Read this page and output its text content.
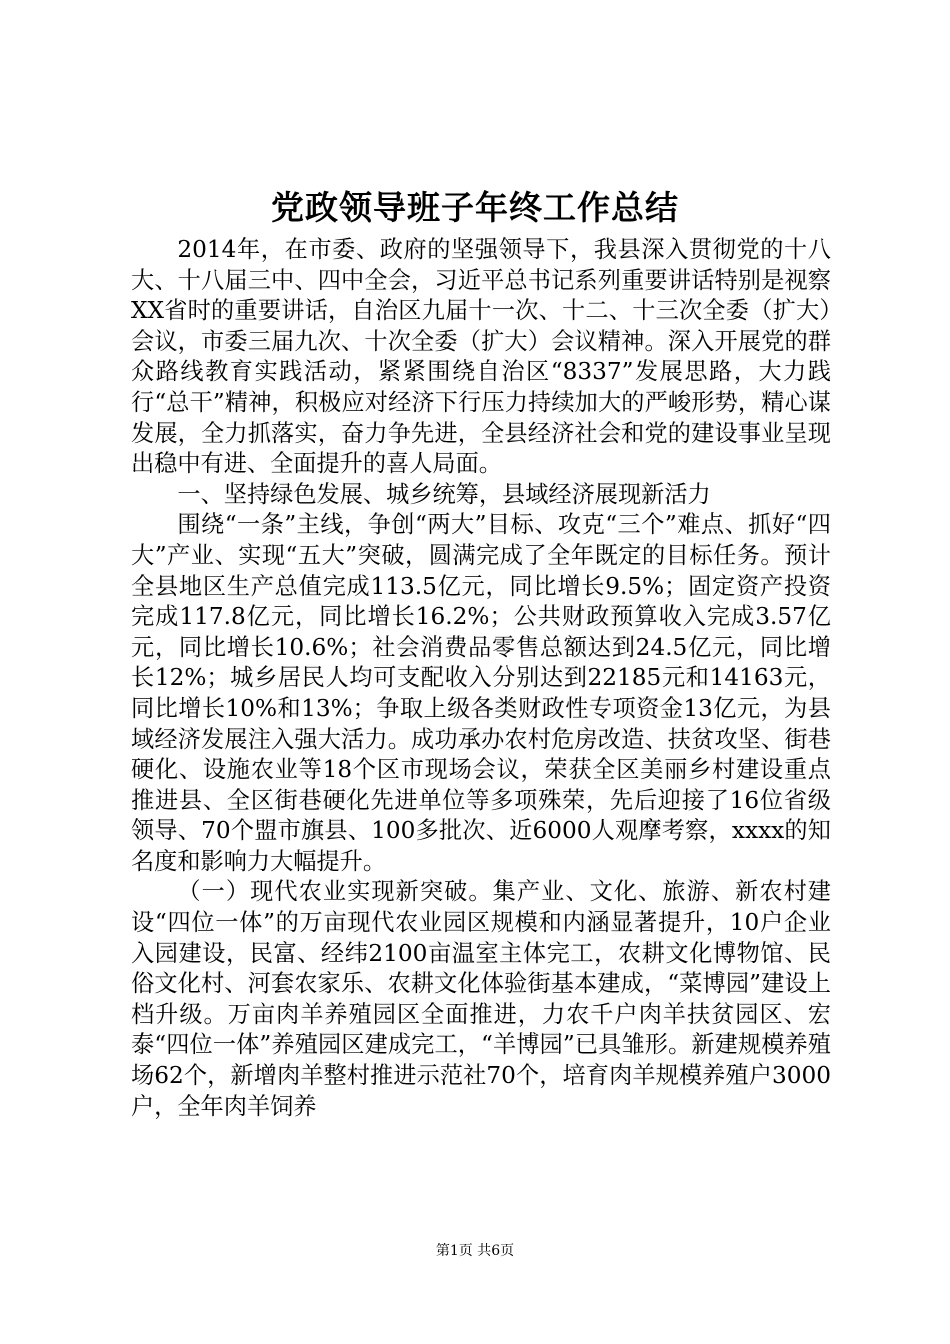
党政领导班子年终工作总结

2014年，在市委、政府的坚强领导下，我县深入贯彻党的十八大、十八届三中、四中全会，习近平总书记系列重要讲话特别是视察XX省时的重要讲话，自治区九届十一次、十二、十三次全委（扩大）会议，市委三届九次、十次全委（扩大）会议精神。深入开展党的群众路线教育实践活动，紧紧围绕自治区“8337”发展思路，大力践行“总干”精神，积极应对经济下行压力持续加大的严峻形势，精心谋发展，全力抓落实，奋力争先进，全县经济社会和党的建设事业呈现出稳中有进、全面提升的喜人局面。

一、坚持绿色发展、城乡统筹，县域经济展现新活力

围绕“一条”主线，争创“两大”目标、攻克“三个”难点、抓好“四大”产业、实现“五大”突破，圆满完成了全年既定的目标任务。预计全县地区生产总值完成113.5亿元，同比增长9.5%；固定资产投资完成117.8亿元，同比增长16.2%；公共财政预算收入完成3.57亿元，同比增长10.6%；社会消费品零售总额达到24.5亿元，同比增长12%；城乡居民人均可支配收入分别达到22185元和14163元，同比增长10%和13%；争取上级各类财政性专项资金13亿元，为县域经济发展注入强大活力。成功承办农村危房改造、扶贫攻坚、街巷硬化、设施农业等18个区市现场会议，荣获全区美丽乡村建设重点推进县、全区街巷硬化先进单位等多项殊荣，先后迎接了16位省级领导、70个盟市旗县、100多批次、近6000人观摩考察，xxxx的知名度和影响力大幅提升。

（一）现代农业实现新突破。集产业、文化、旅游、新农村建设“四位一体”的万亩现代农业园区规模和内涵显著提升，10户企业入园建设，民富、经纬2100亩温室主体完工，农耕文化博物馆、民俗文化村、河套农家乐、农耕文化体验街基本建成，“菜博园”建设上档升级。万亩肉羊养殖园区全面推进，力农千户肉羊扶贫园区、宏泰“四位一体”养殖园区建成完工，“羊博园”已具雏形。新建规模养殖场62个，新增肉羊整村推进示范社70个，培育肉羊规模养殖户3000户，全年肉羊饲养

第1页 共6页
